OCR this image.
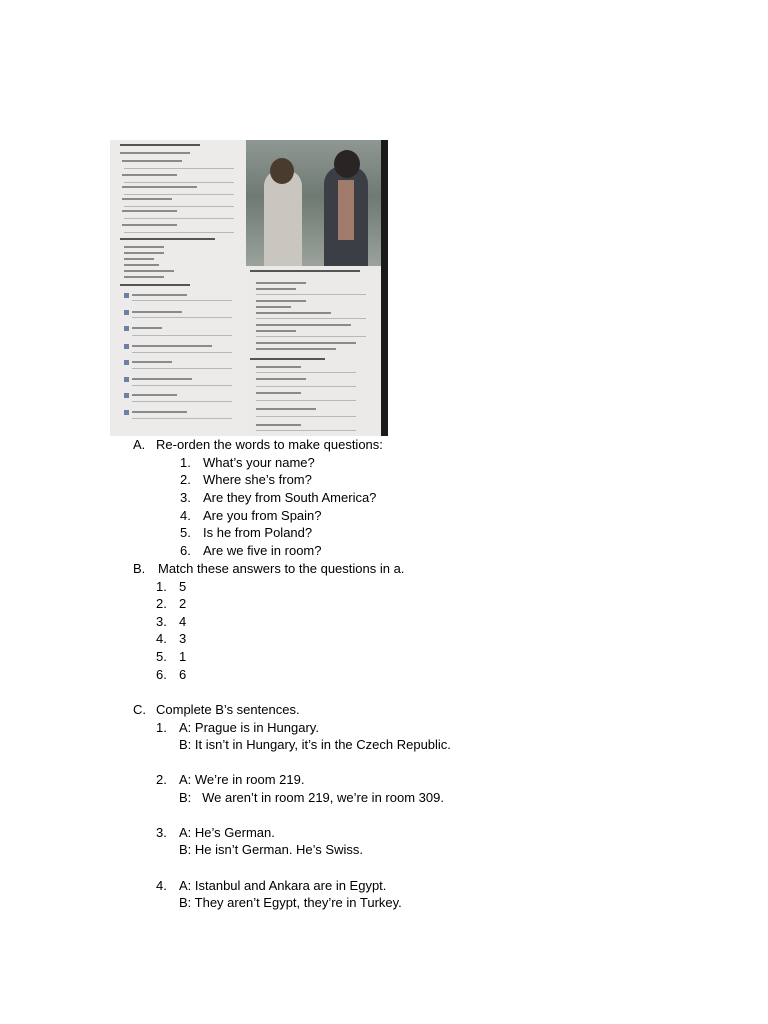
A. Re-orden the words to make questions:
1. What’s your name?
2. Where she’s from?
3. Are they from South America?
4. Are you from Spain?
5. Is he from Poland?
6. Are we five in room?
B. Match these answers to the questions in a.
1. 5
2. 2
3. 4
4. 3
5. 1
6. 6
C. Complete B’s sentences.
1. A: Prague is in Hungary.
B: It isn’t in Hungary, it’s in the Czech Republic.
2. A: We’re in room 219.
B:   We aren’t in room 219, we’re in room 309.
3. A: He’s German.
B: He isn’t German. He’s Swiss.
4. A: Istanbul and Ankara are in Egypt.
B: They aren’t Egypt, they’re in Turkey.
